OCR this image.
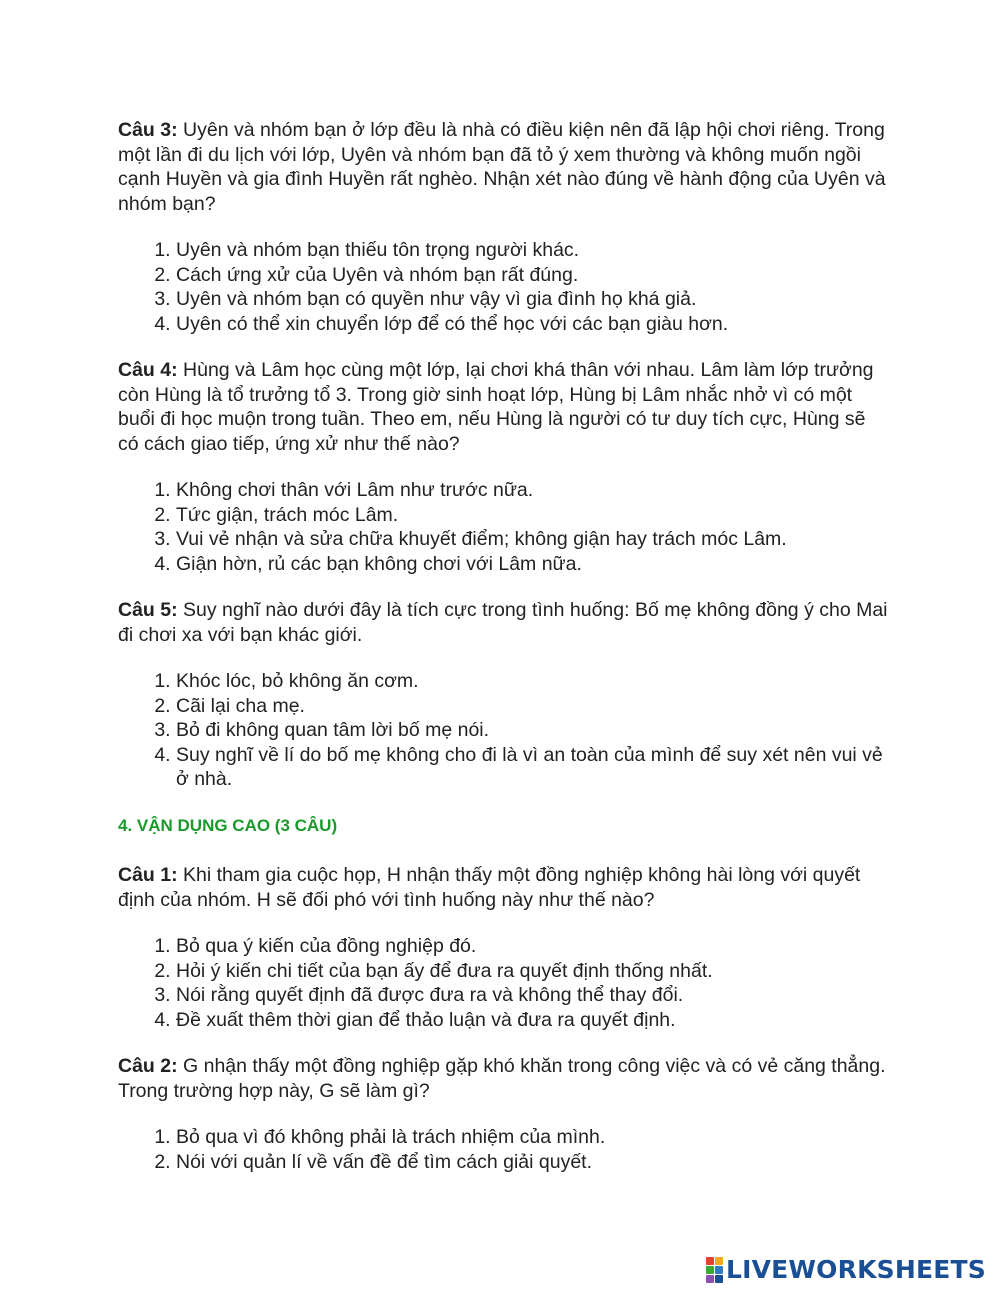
Câu 3: Uyên và nhóm bạn ở lớp đều là nhà có điều kiện nên đã lập hội chơi riêng. Trong một lần đi du lịch với lớp, Uyên và nhóm bạn đã tỏ ý xem thường và không muốn ngồi cạnh Huyền và gia đình Huyền rất nghèo. Nhận xét nào đúng về hành động của Uyên và nhóm bạn?

1. Uyên và nhóm bạn thiếu tôn trọng người khác.
2. Cách ứng xử của Uyên và nhóm bạn rất đúng.
3. Uyên và nhóm bạn có quyền như vậy vì gia đình họ khá giả.
4. Uyên có thể xin chuyển lớp để có thể học với các bạn giàu hơn.

Câu 4: Hùng và Lâm học cùng một lớp, lại chơi khá thân với nhau. Lâm làm lớp trưởng còn Hùng là tổ trưởng tổ 3. Trong giờ sinh hoạt lớp, Hùng bị Lâm nhắc nhở vì có một buổi đi học muộn trong tuần. Theo em, nếu Hùng là người có tư duy tích cực, Hùng sẽ có cách giao tiếp, ứng xử như thế nào?

1. Không chơi thân với Lâm như trước nữa.
2. Tức giận, trách móc Lâm.
3. Vui vẻ nhận và sửa chữa khuyết điểm; không giận hay trách móc Lâm.
4. Giận hờn, rủ các bạn không chơi với Lâm nữa.

Câu 5: Suy nghĩ nào dưới đây là tích cực trong tình huống: Bố mẹ không đồng ý cho Mai đi chơi xa với bạn khác giới.

1. Khóc lóc, bỏ không ăn cơm.
2. Cãi lại cha mẹ.
3. Bỏ đi không quan tâm lời bố mẹ nói.
4. Suy nghĩ về lí do bố mẹ không cho đi là vì an toàn của mình để suy xét nên vui vẻ ở nhà.
4. VẬN DỤNG CAO (3 CÂU)

Câu 1: Khi tham gia cuộc họp, H nhận thấy một đồng nghiệp không hài lòng với quyết định của nhóm. H sẽ đối phó với tình huống này như thế nào?

1. Bỏ qua ý kiến của đồng nghiệp đó.
2. Hỏi ý kiến chi tiết của bạn ấy để đưa ra quyết định thống nhất.
3. Nói rằng quyết định đã được đưa ra và không thể thay đổi.
4. Đề xuất thêm thời gian để thảo luận và đưa ra quyết định.

Câu 2: G nhận thấy một đồng nghiệp gặp khó khăn trong công việc và có vẻ căng thẳng. Trong trường hợp này, G sẽ làm gì?

1. Bỏ qua vì đó không phải là trách nhiệm của mình.
2. Nói với quản lí về vấn đề để tìm cách giải quyết.
LIVEWORKSHEETS
